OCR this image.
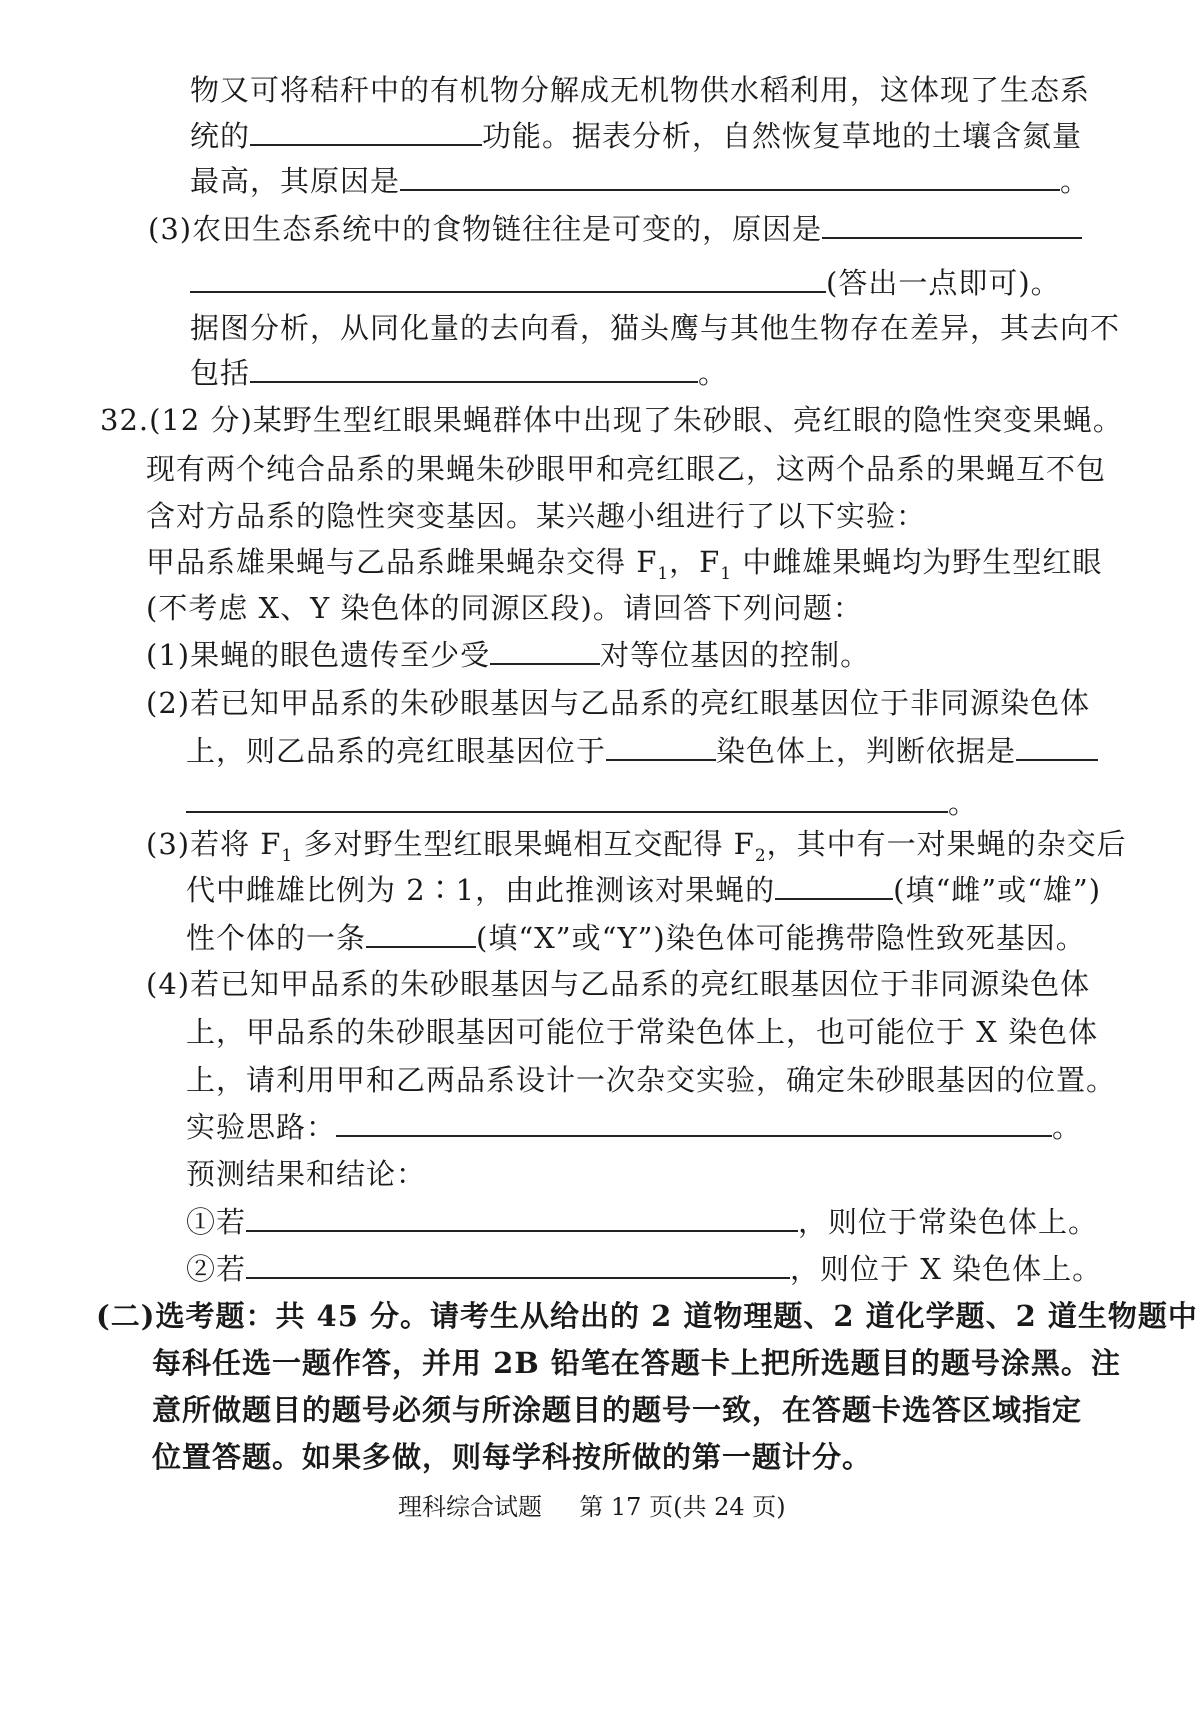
物又可将秸秆中的有机物分解成无机物供水稻利用，这体现了生态系
统的	功能。据表分析，自然恢复草地的土壤含氮量
最高，其原因是	。
(3)农田生态系统中的食物链往往是可变的，原因是
(答出一点即可)。
据图分析，从同化量的去向看，猫头鹰与其他生物存在差异，其去向不
包括	。
32.(12 分)某野生型红眼果蝇群体中出现了朱砂眼、亮红眼的隐性突变果蝇。
现有两个纯合品系的果蝇朱砂眼甲和亮红眼乙，这两个品系的果蝇互不包
含对方品系的隐性突变基因。某兴趣小组进行了以下实验：
甲品系雄果蝇与乙品系雌果蝇杂交得 $F_1$，$F_1$ 中雌雄果蝇均为野生型红眼
(不考虑 X、Y 染色体的同源区段)。请回答下列问题：
(1)果蝇的眼色遗传至少受	对等位基因的控制。
(2)若已知甲品系的朱砂眼基因与乙品系的亮红眼基因位于非同源染色体
上，则乙品系的亮红眼基因位于	染色体上，判断依据是
。
(3)若将 $F_1$ 多对野生型红眼果蝇相互交配得 $F_2$，其中有一对果蝇的杂交后
代中雌雄比例为 2∶1，由此推测该对果蝇的	(填“雌”或“雄”)
性个体的一条	(填“X”或“Y”)染色体可能携带隐性致死基因。
(4)若已知甲品系的朱砂眼基因与乙品系的亮红眼基因位于非同源染色体
上，甲品系的朱砂眼基因可能位于常染色体上，也可能位于 X 染色体
上，请利用甲和乙两品系设计一次杂交实验，确定朱砂眼基因的位置。
实验思路：	。
预测结果和结论：
①若	，则位于常染色体上。
②若	，则位于 X 染色体上。
(二)选考题：共 45 分。请考生从给出的 2 道物理题、2 道化学题、2 道生物题中
每科任选一题作答，并用 2B 铅笔在答题卡上把所选题目的题号涂黑。注
意所做题目的题号必须与所涂题目的题号一致，在答题卡选答区域指定
位置答题。如果多做，则每学科按所做的第一题计分。
理科综合试题 第 17 页(共 24 页)
